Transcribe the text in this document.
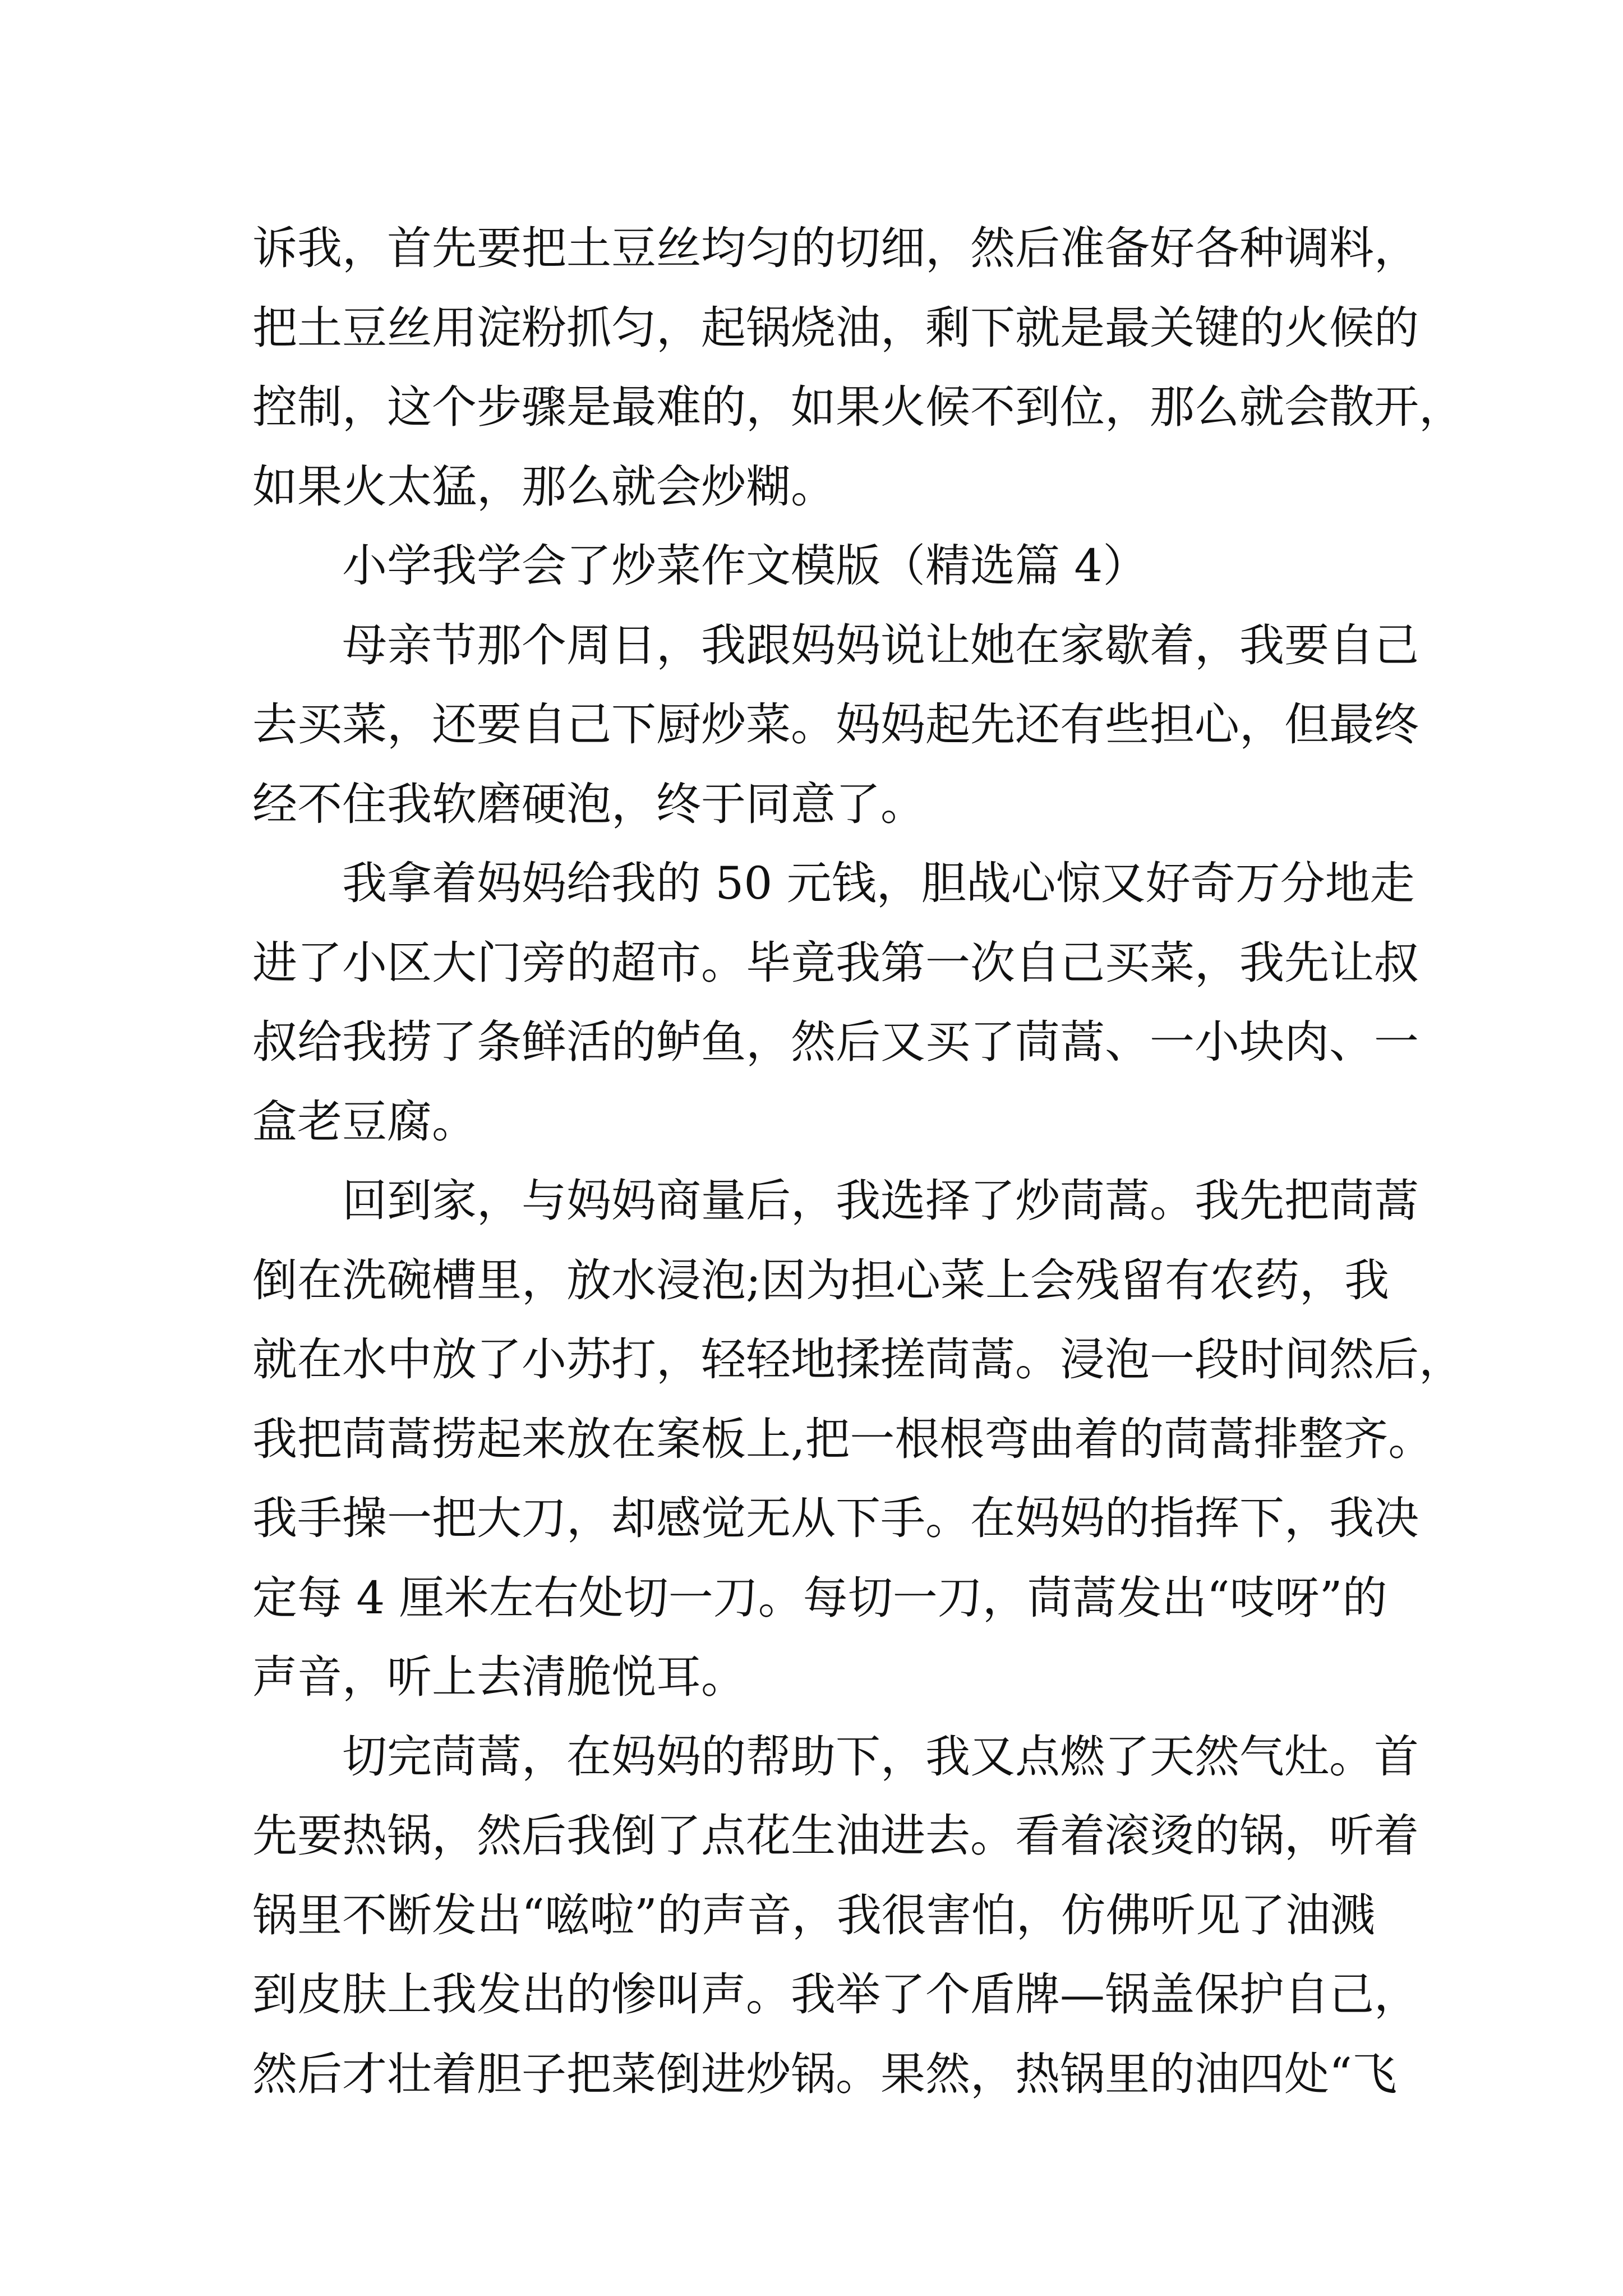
诉我，首先要把土豆丝均匀的切细，然后准备好各种调料，
把土豆丝用淀粉抓匀，起锅烧油，剩下就是最关键的火候的
控制，这个步骤是最难的，如果火候不到位，那么就会散开，
如果火太猛，那么就会炒糊。
小学我学会了炒菜作文模版（精选篇 4）
母亲节那个周日，我跟妈妈说让她在家歇着，我要自己
去买菜，还要自己下厨炒菜。妈妈起先还有些担心，但最终
经不住我软磨硬泡，终于同意了。
我拿着妈妈给我的 50 元钱，胆战心惊又好奇万分地走
进了小区大门旁的超市。毕竟我第一次自己买菜，我先让叔
叔给我捞了条鲜活的鲈鱼，然后又买了茼蒿、一小块肉、一
盒老豆腐。
回到家，与妈妈商量后，我选择了炒茼蒿。我先把茼蒿
倒在洗碗槽里，放水浸泡;因为担心菜上会残留有农药，我
就在水中放了小苏打，轻轻地揉搓茼蒿。浸泡一段时间然后，
我把茼蒿捞起来放在案板上,把一根根弯曲着的茼蒿排整齐。
我手操一把大刀，却感觉无从下手。在妈妈的指挥下，我决
定每 4 厘米左右处切一刀。每切一刀，茼蒿发出“吱呀”的
声音，听上去清脆悦耳。
切完茼蒿，在妈妈的帮助下，我又点燃了天然气灶。首
先要热锅，然后我倒了点花生油进去。看着滚烫的锅，听着
锅里不断发出“嗞啦”的声音，我很害怕，仿佛听见了油溅
到皮肤上我发出的惨叫声。我举了个盾牌—锅盖保护自己，
然后才壮着胆子把菜倒进炒锅。果然，热锅里的油四处“飞
